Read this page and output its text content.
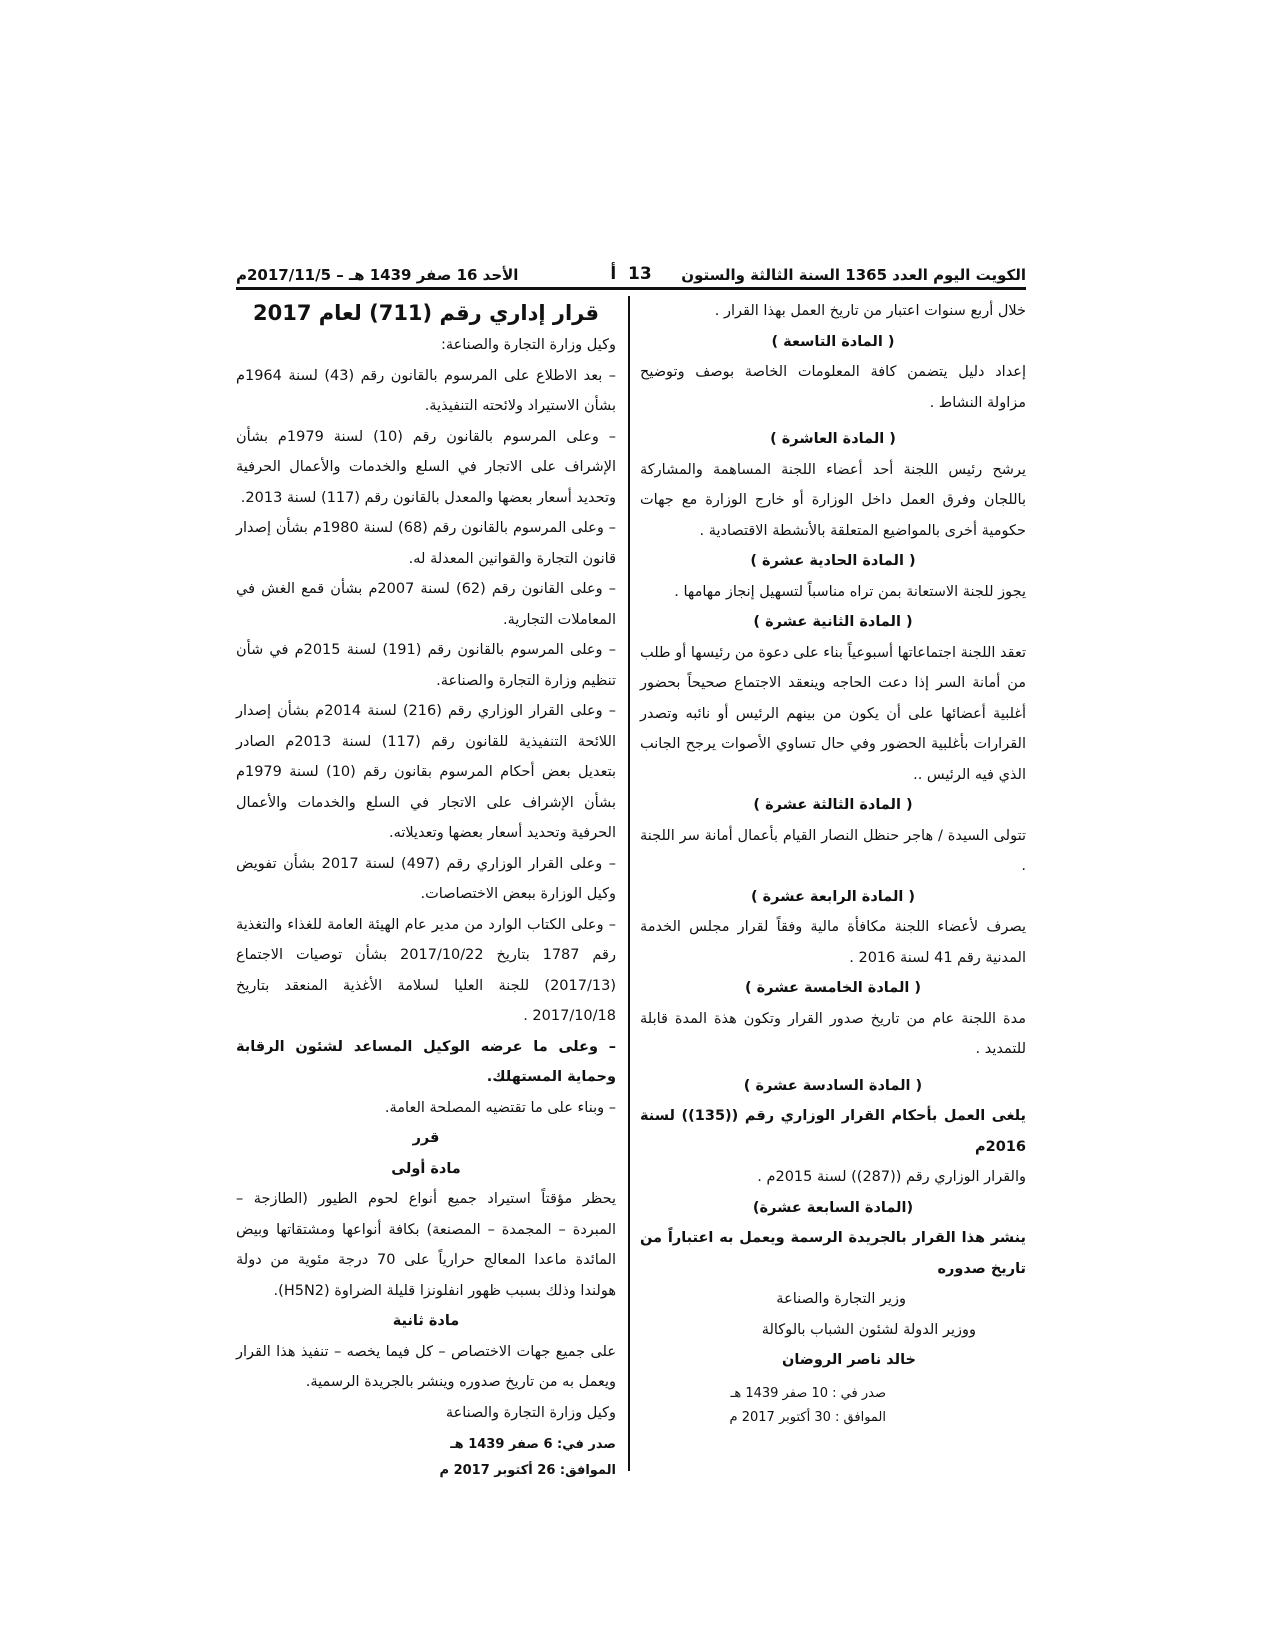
الكويت اليوم العدد 1365 السنة الثالثة والستون
13  أ
الأحد 16 صفر 1439 هـ – 2017/11/5م

خلال أربع سنوات اعتبار من تاريخ العمل بهذا القرار .

( المادة التاسعة )

إعداد دليل يتضمن كافة المعلومات الخاصة بوصف وتوضيح مزاولة النشاط .

( المادة العاشرة )

يرشح رئيس اللجنة أحد أعضاء اللجنة المساهمة والمشاركة باللجان وفرق العمل داخل الوزارة أو خارج الوزارة مع جهات حكومية أخرى بالمواضيع المتعلقة بالأنشطة الاقتصادية .

( المادة الحادية عشرة )

يجوز للجنة الاستعانة بمن تراه مناسباً لتسهيل إنجاز مهامها .

( المادة الثانية عشرة )

تعقد اللجنة اجتماعاتها أسبوعياً بناء على دعوة من رئيسها أو طلب من أمانة السر إذا دعت الحاجه وينعقد الاجتماع صحيحاً بحضور أغلبية أعضائها على أن يكون من بينهم الرئيس أو نائبه وتصدر القرارات بأغلبية الحضور وفي حال تساوي الأصوات يرجح الجانب الذي فيه الرئيس ..

( المادة الثالثة عشرة )

تتولى السيدة / هاجر حنظل النصار القيام بأعمال أمانة سر اللجنة .

( المادة الرابعة عشرة )

يصرف لأعضاء اللجنة مكافأة مالية وفقاً لقرار مجلس الخدمة المدنية رقم 41 لسنة 2016 .

( المادة الخامسة عشرة )

مدة اللجنة عام من تاريخ صدور القرار وتكون هذة المدة قابلة للتمديد .

( المادة السادسة عشرة )

يلغى العمل بأحكام القرار الوزاري رقم ((135)) لسنة 2016م

والقرار الوزاري رقم ((287)) لسنة 2015م .

(المادة السابعة عشرة)

ينشر هذا القرار بالجريدة الرسمة ويعمل به اعتباراً من تاريخ صدوره

وزير التجارة والصناعة

ووزير الدولة لشئون الشباب بالوكالة

خالد ناصر الروضان

صدر في : 10 صفر 1439 هـ

الموافق : 30 أكتوبر 2017 م

قرار إداري رقم (711) لعام 2017

وكيل وزارة التجارة والصناعة:

– بعد الاطلاع على المرسوم بالقانون رقم (43) لسنة 1964م بشأن الاستيراد ولائحته التنفيذية.

– وعلى المرسوم بالقانون رقم (10) لسنة 1979م بشأن الإشراف على الاتجار في السلع والخدمات والأعمال الحرفية وتحديد أسعار بعضها والمعدل بالقانون رقم (117) لسنة 2013.

– وعلى المرسوم بالقانون رقم (68) لسنة 1980م بشأن إصدار قانون التجارة والقوانين المعدلة له.

– وعلى القانون رقم (62) لسنة 2007م بشأن قمع الغش في المعاملات التجارية.

– وعلى المرسوم بالقانون رقم (191) لسنة 2015م في شأن تنظيم وزارة التجارة والصناعة.

– وعلى القرار الوزاري رقم (216) لسنة 2014م بشأن إصدار اللائحة التنفيذية للقانون رقم (117) لسنة 2013م الصادر بتعديل بعض أحكام المرسوم بقانون رقم (10) لسنة 1979م بشأن الإشراف على الاتجار في السلع والخدمات والأعمال الحرفية وتحديد أسعار بعضها وتعديلاته.

– وعلى القرار الوزاري رقم (497) لسنة 2017 بشأن تفويض وكيل الوزارة ببعض الاختصاصات.

– وعلى الكتاب الوارد من مدير عام الهيئة العامة للغذاء والتغذية رقم 1787 بتاريخ 2017/10/22 بشأن توصيات الاجتماع (2017/13) للجنة العليا لسلامة الأغذية المنعقد بتاريخ 2017/10/18 .

– وعلى ما عرضه الوكيل المساعد لشئون الرقابة وحماية المستهلك.

– وبناء على ما تقتضيه المصلحة العامة.

قرر

مادة أولى

يحظر مؤقتاً استيراد جميع أنواع لحوم الطيور (الطازجة – المبردة – المجمدة – المصنعة) بكافة أنواعها ومشتقاتها وبيض المائدة ماعدا المعالج حرارياً على 70 درجة مئوية من دولة هولندا وذلك بسبب ظهور انفلونزا قليلة الضراوة (H5N2).

مادة ثانية

على جميع جهات الاختصاص – كل فيما يخصه – تنفيذ هذا القرار ويعمل به من تاريخ صدوره وينشر بالجريدة الرسمية.

وكيل وزارة التجارة والصناعة

صدر في: 6 صفر 1439 هـ

الموافق: 26 أكتوبر 2017 م
